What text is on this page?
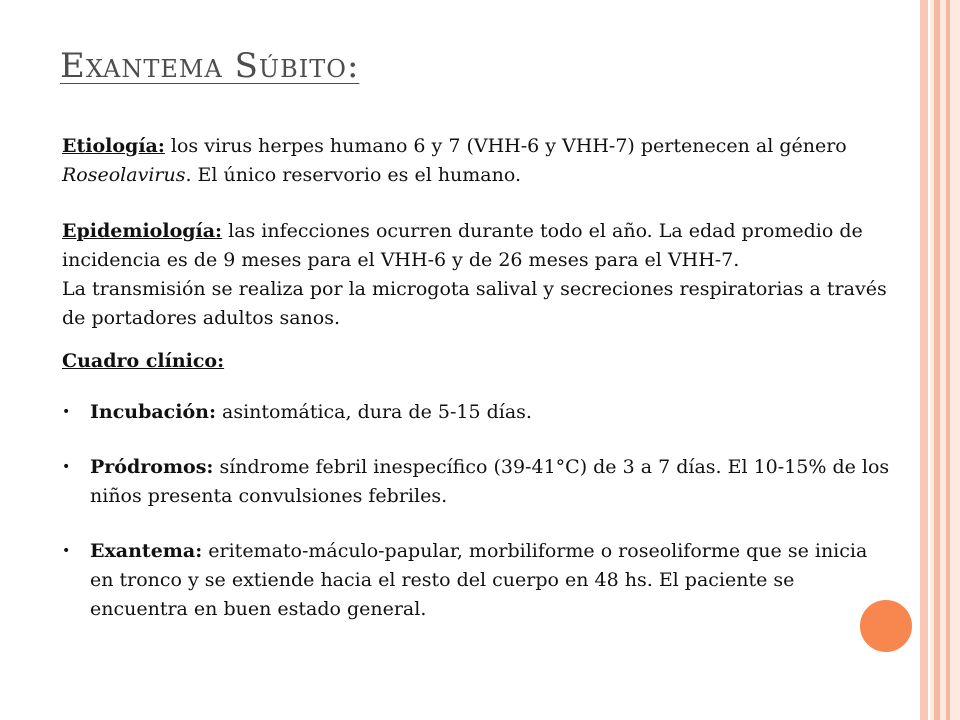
Exantema Súbito:

Etiología: los virus herpes humano 6 y 7 (VHH-6 y VHH-7) pertenecen al género Roseolavirus. El único reservorio es el humano.

Epidemiología: las infecciones ocurren durante todo el año. La edad promedio de incidencia es de 9 meses para el VHH-6 y de 26 meses para el VHH-7.

La transmisión se realiza por la microgota salival y secreciones respiratorias a través de portadores adultos sanos.

Cuadro clínico:

• Incubación: asintomática, dura de 5-15 días.
• Pródromos: síndrome febril inespecífico (39-41°C) de 3 a 7 días. El 10-15% de los niños presenta convulsiones febriles.
• Exantema: eritemato-máculo-papular, morbiliforme o roseoliforme que se inicia en tronco y se extiende hacia el resto del cuerpo en 48 hs. El paciente se encuentra en buen estado general.
